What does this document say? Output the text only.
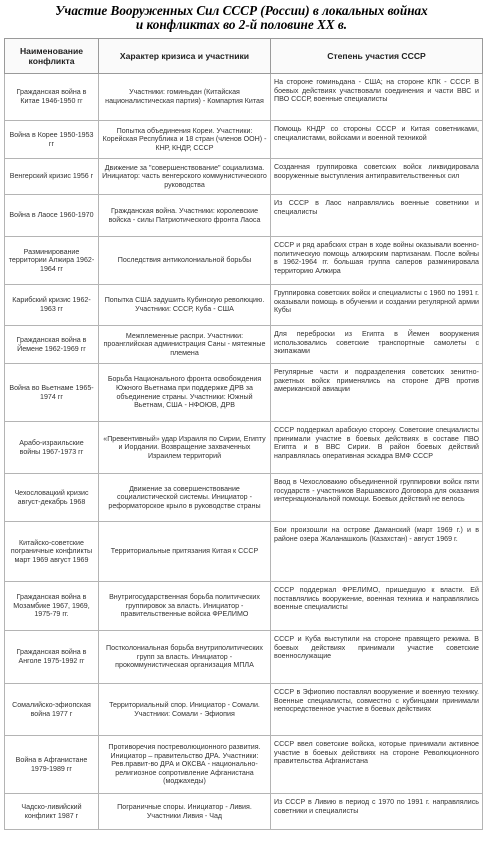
Участие Вооруженных Сил СССР (России) в локальных войнах
и конфликтах во 2-й половине XX в.
Наименование конфликта	Характер кризиса и участники	Степень участия СССР

Гражданская война в Китае 1946-1950 гг	Участники: гоминьдан (Китайская националистическая партия) - Компартия Китая	На стороне гоминьдана - США; на стороне КПК - СССР. В боевых действиях участвовали соединения и части ВВС и ПВО СССР, военные специалисты

Война в Корее 1950-1953 гг	Попытка объединения Кореи. Участники: Корейская Республика и 18 стран (членов ООН) - КНР, КНДР, СССР	Помощь КНДР со стороны СССР и Китая советниками, специалистами, войсками и военной техникой

Венгерский кризис 1956 г	Движение за "совершенствование" социализма. Инициатор: часть венгерского коммунистического руководства	Созданная группировка советских войск ликвидировала вооруженные выступления антиправительственных сил

Война в Лаосе 1960-1970	Гражданская война. Участники: королевские войска - силы Патриотического фронта Лаоса	Из СССР в Лаос направлялись военные советники и специалисты

Разминирование территории Алжира 1962-1964 гг	Последствия антиколониальной борьбы	СССР и ряд арабских стран в ходе войны оказывали военно-политическую помощь алжирским партизанам. После войны в 1962-1964 гг. большая группа саперов разминировала территорию Алжира

Карибский кризис 1962-1963 гг	Попытка США задушить Кубинскую революцию. Участники: СССР, Куба - США	Группировка советских войск и специалисты с 1960 по 1991 г. оказывали помощь в обучении и создании регулярной армии Кубы

Гражданская война в Йемене 1962-1969 гг	Межплеменные распри. Участники: проанглийская администрация Саны - мятежные племена	Для переброски из Египта в Йемен вооружения использовались советские транспортные самолеты с экипажами

Война во Вьетнаме 1965-1974 гг	Борьба Национального фронта освобождения Южного Вьетнама при поддержке ДРВ за объединение страны. Участники: Южный Вьетнам, США - НФОЮВ, ДРВ	Регулярные части и подразделения советских зенитно-ракетных войск применялись на стороне ДРВ против американской авиации

Арабо-израильские войны 1967-1973 гг	«Превентивный» удар Израиля по Сирии, Египту и Иордании. Возвращение захваченных Израилем территорий	СССР поддержал арабскую сторону. Советские специалисты принимали участие в боевых действиях в составе ПВО Египта и в ВВС Сирии. В район боевых действий направлялась оперативная эскадра ВМФ СССР

Чехословацкий кризис август-декабрь 1968	Движение за совершенствование социалистической системы. Инициатор - реформаторское крыло в руководстве страны	Ввод в Чехословакию объединенной группировки войск пяти государств - участников Варшавского Договора для оказания интернациональной помощи. Боевых действий не велось

Китайско-советские пограничные конфликты март 1969 август 1969	Территориальные притязания Китая к СССР	Бои произошли на острове Даманский (март 1969 г.) и в районе озера Жаланашколь (Казахстан) - август 1969 г.

Гражданская война в Мозамбике 1967, 1969, 1975-79 гг.	Внутригосударственная борьба политических группировок за власть. Инициатор - правительственные войска ФРЕЛИМО	СССР поддержал ФРЕЛИМО, пришедшую к власти. Ей поставлялись вооружение, военная техника и направлялись военные специалисты

Гражданская война в Анголе 1975-1992 гг	Постколониальная борьба внутриполитических групп за власть. Инициатор - прокоммунистическая организация МПЛА	СССР и Куба выступили на стороне правящего режима. В боевых действиях принимали участие советские военнослужащие

Сомалийско-эфиопская война 1977 г	Территориальный спор. Инициатор - Сомали. Участники: Сомали - Эфиопия	СССР в Эфиопию поставлял вооружение и военную технику. Военные специалисты, совместно с кубинцами принимали непосредственное участие в боевых действиях

Война в Афганистане 1979-1989 гг	Противоречия постреволюционного развития. Инициатор – правительство ДРА. Участники: Рев.правит-во ДРА и ОКСВА - национально-религиозное сопротивление Афганистана (моджахеды)	СССР ввел советские войска, которые принимали активное участие в боевых действиях на стороне Революционного правительства Афганистана

Чадско-ливийский конфликт 1987 г	Пограничные споры. Инициатор - Ливия. Участники Ливия - Чад	Из СССР в Ливию в период с 1970 по 1991 г. направлялись советники и специалисты
